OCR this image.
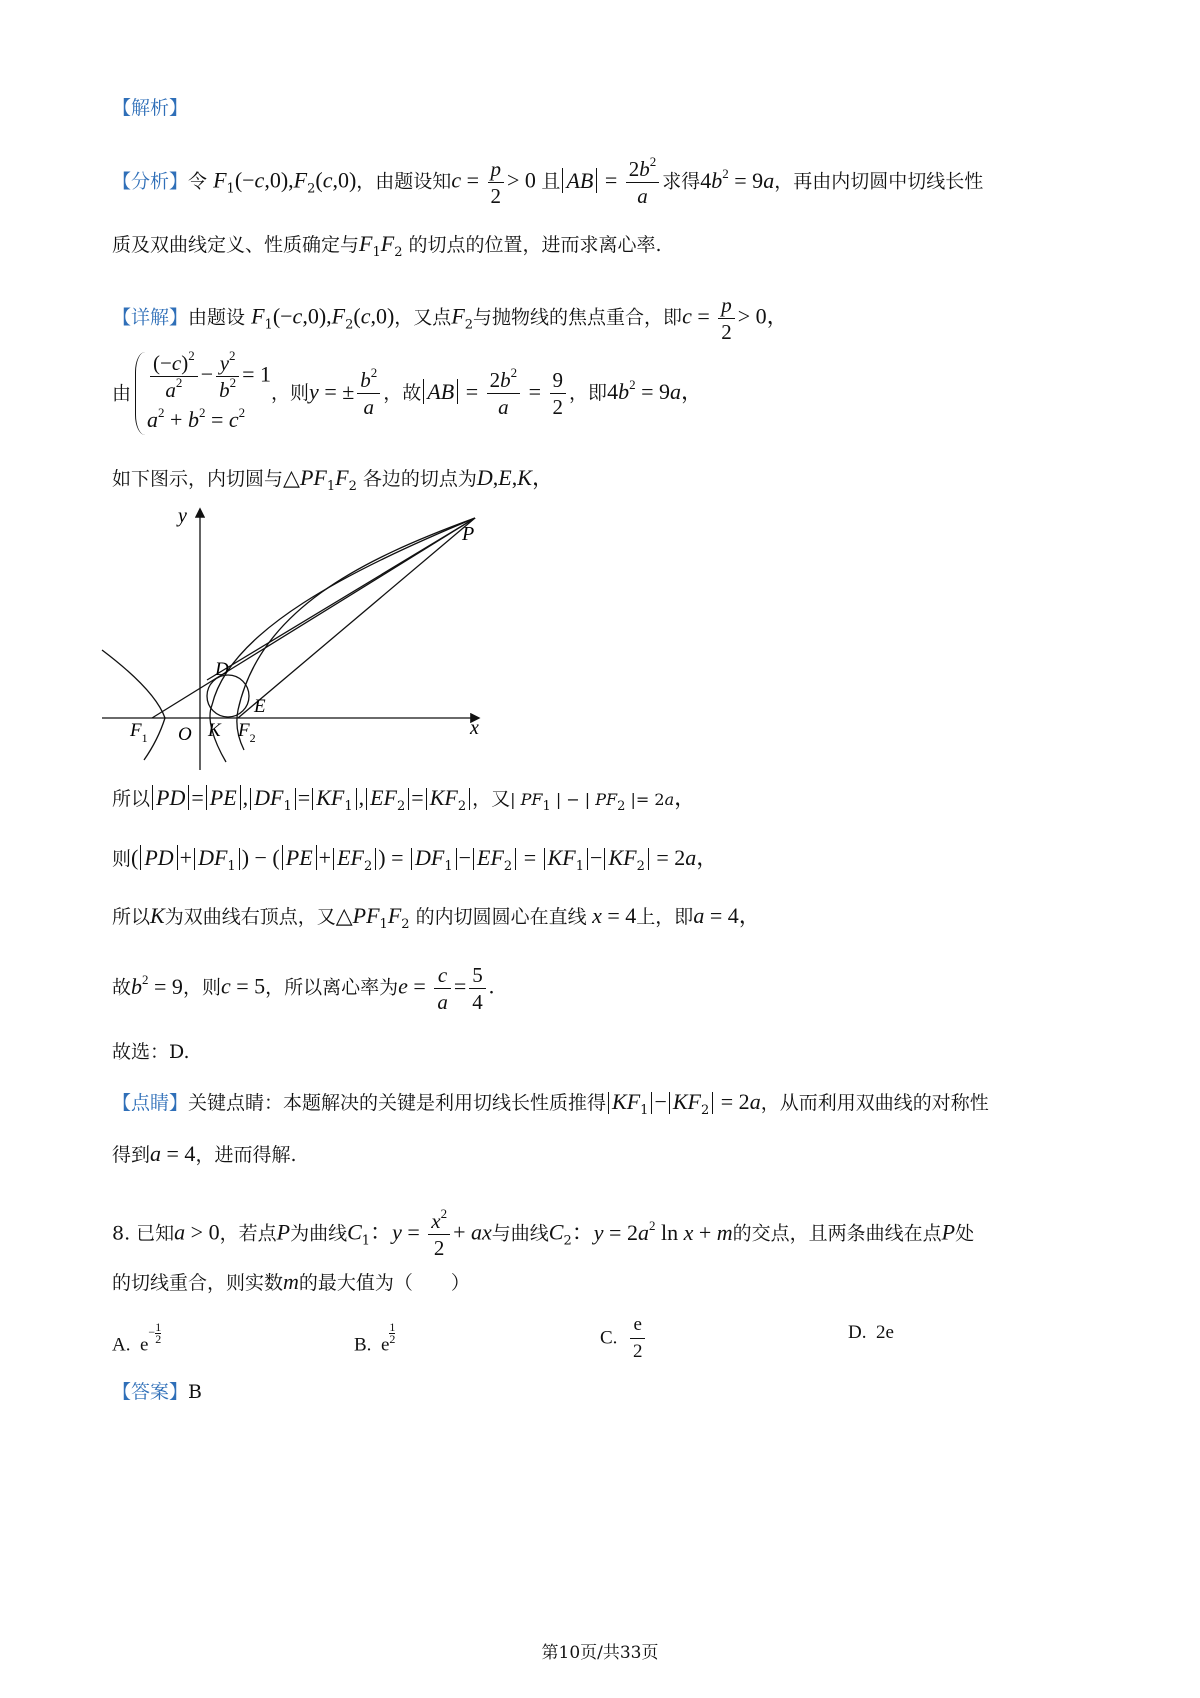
【解析】
【分析】令 $F_1(-c,0),F_2(c,0)$，由题设知$c = \frac{p}{2} > 0$ 且 AB = $\frac{2b^2}{a}$ 求得$4b^2 = 9a$，再由内切圆中切线长性
质及双曲线定义、性质确定与$F_1F_2$ 的切点的位置，进而求离心率.
【详解】由题设 $F_1(-c,0),F_2(c,0)$，又点$F_2$与抛物线的焦点重合，即$c = \frac{p}{2} > 0$，
由 $\frac{(-c)^2}{a^2} - \frac{y^2}{b^2} = 1$
$a^2 + b^2 = c^2$
，则y = ± $\frac{b^2}{a}$ ，故 AB = $\frac{2b^2}{a} = \frac{9}{2}$ ，即$4b^2 = 9a$，
如下图示，内切圆与$\triangle PF_1F_2$ 各边的切点为D,E,K，
y
x
P
D
E
$F_1$ O K $F_2$
所以 PD = PE , $DF_1 = KF_1$ , $EF_2 = KF_2$ ，又| $PF_1$ | − | $PF_2$ |= 2a，
则( PD + $DF_1$ ) − ( PE + $EF_2$ ) = $DF_1 - EF_2 = KF_1 - KF_2 = 2a$，
所以K为双曲线右顶点，又$\triangle PF_1F_2$ 的内切圆圆心在直线 x = 4上，即a = 4，
故$b^2 = 9$，则c = 5，所以离心率为$e = \frac{c}{a} = \frac{5}{4}$ .
故选：D.
【点睛】关键点睛：本题解决的关键是利用切线长性质推得 $KF_1 - KF_2 = 2a$，从而利用双曲线的对称性
得到a = 4，进而得解.
8. 已知a > 0，若点P为曲线$C_1$：$y = \frac{x^2}{2}$ + ax与曲线$C_2$：$y = 2a^2$ ln x + m的交点，且两条曲线在点P处
的切线重合，则实数m的最大值为（　　）
A.  $e^{- \frac{1}{2}}$	B.  e $^{\frac{1}{2}}$	C. $\frac{e}{2}$	D. 2e
【答案】B
第10页/共33页
